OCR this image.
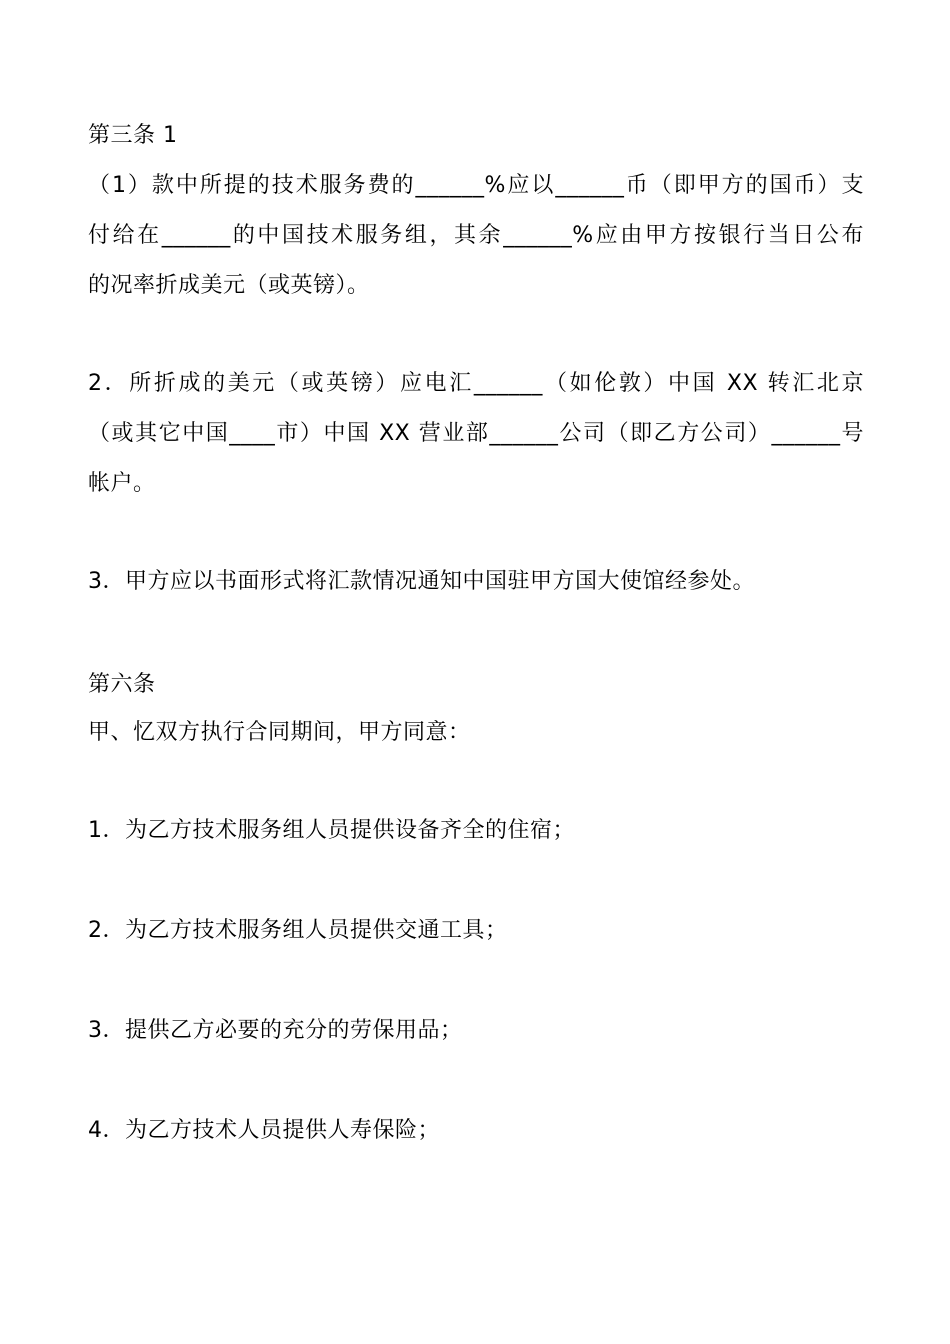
第三条 1
（1）款中所提的技术服务费的______%应以______币（即甲方的国币）支
付给在______的中国技术服务组，其余______%应由甲方按银行当日公布
的况率折成美元（或英镑）。
2．所折成的美元（或英镑）应电汇______（如伦敦）中国 XX 转汇北京
（或其它中国____市）中国 XX 营业部______公司（即乙方公司）______号
帐户。
3．甲方应以书面形式将汇款情况通知中国驻甲方国大使馆经参处。
第六条
甲、忆双方执行合同期间，甲方同意：
1．为乙方技术服务组人员提供设备齐全的住宿；
2．为乙方技术服务组人员提供交通工具；
3．提供乙方必要的充分的劳保用品；
4．为乙方技术人员提供人寿保险；
